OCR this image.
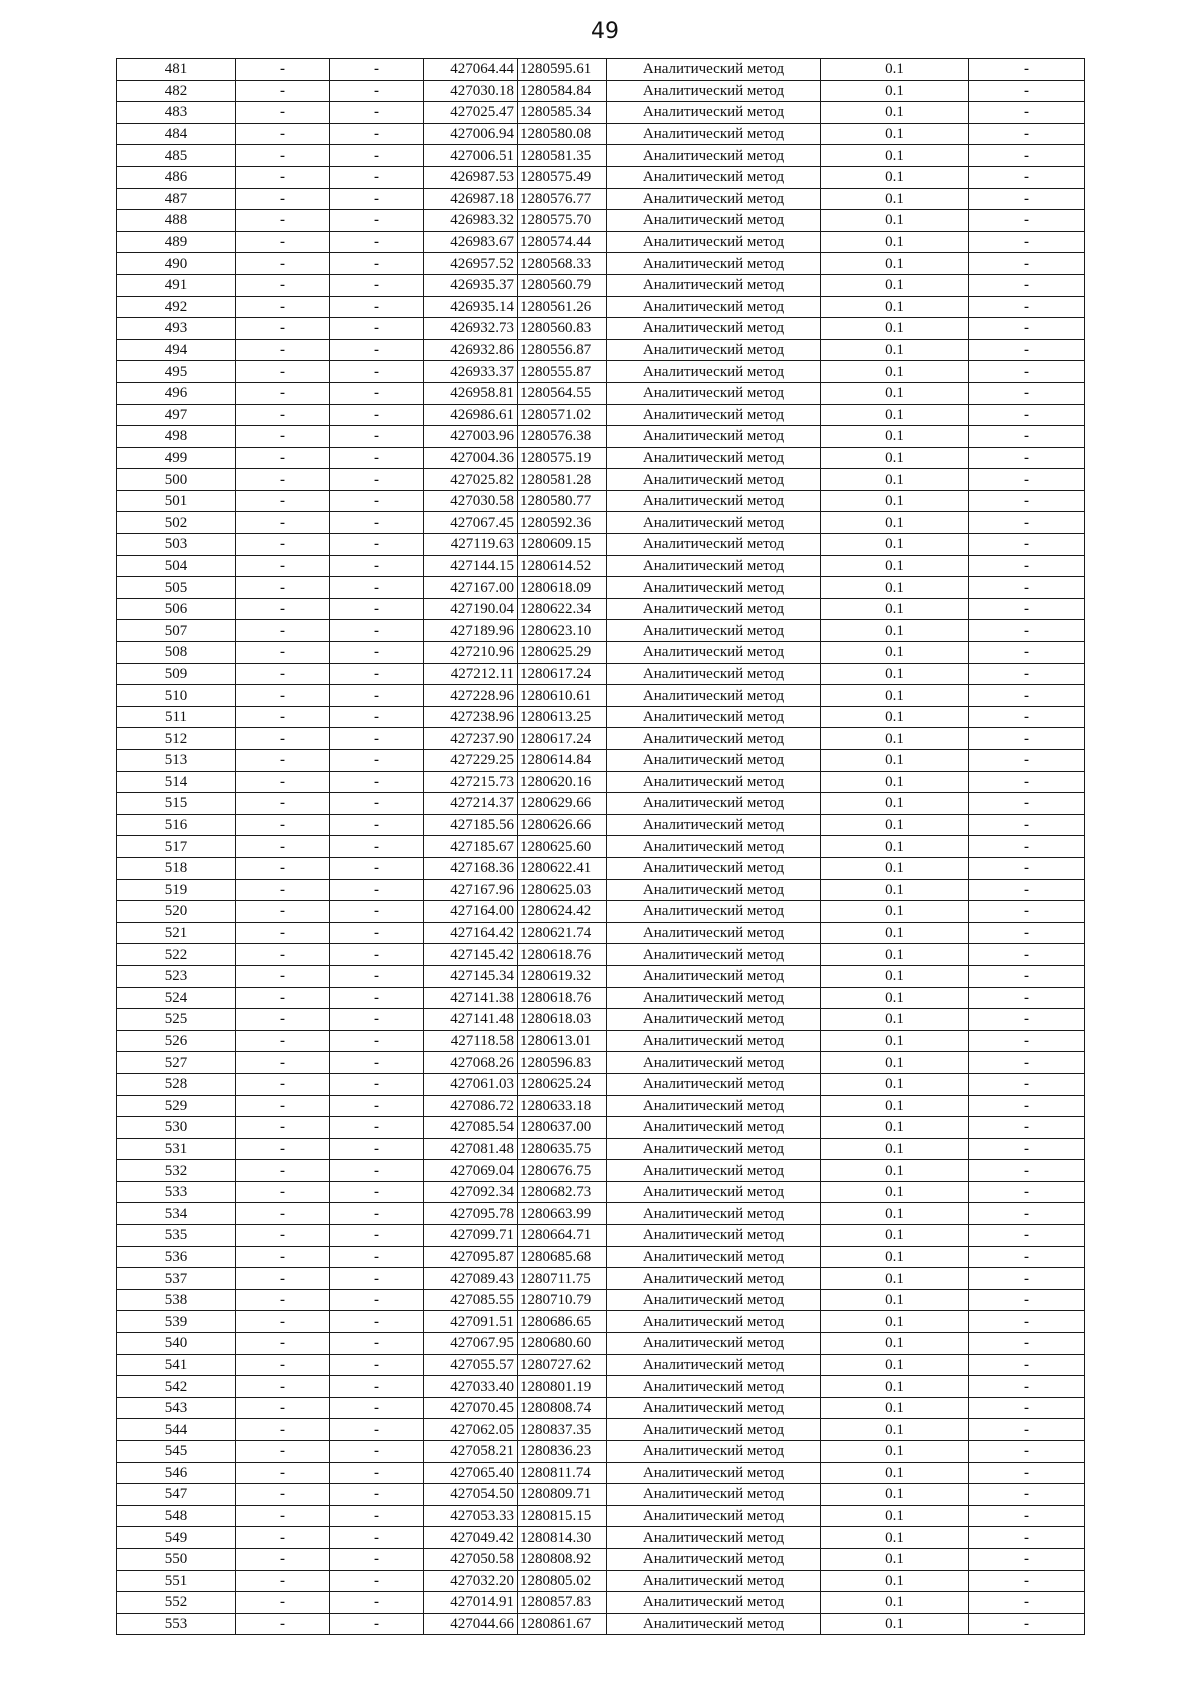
49
481	-	-	427064.44	1280595.61	Аналитический метод	0.1	-
482	-	-	427030.18	1280584.84	Аналитический метод	0.1	-
483	-	-	427025.47	1280585.34	Аналитический метод	0.1	-
484	-	-	427006.94	1280580.08	Аналитический метод	0.1	-
485	-	-	427006.51	1280581.35	Аналитический метод	0.1	-
486	-	-	426987.53	1280575.49	Аналитический метод	0.1	-
487	-	-	426987.18	1280576.77	Аналитический метод	0.1	-
488	-	-	426983.32	1280575.70	Аналитический метод	0.1	-
489	-	-	426983.67	1280574.44	Аналитический метод	0.1	-
490	-	-	426957.52	1280568.33	Аналитический метод	0.1	-
491	-	-	426935.37	1280560.79	Аналитический метод	0.1	-
492	-	-	426935.14	1280561.26	Аналитический метод	0.1	-
493	-	-	426932.73	1280560.83	Аналитический метод	0.1	-
494	-	-	426932.86	1280556.87	Аналитический метод	0.1	-
495	-	-	426933.37	1280555.87	Аналитический метод	0.1	-
496	-	-	426958.81	1280564.55	Аналитический метод	0.1	-
497	-	-	426986.61	1280571.02	Аналитический метод	0.1	-
498	-	-	427003.96	1280576.38	Аналитический метод	0.1	-
499	-	-	427004.36	1280575.19	Аналитический метод	0.1	-
500	-	-	427025.82	1280581.28	Аналитический метод	0.1	-
501	-	-	427030.58	1280580.77	Аналитический метод	0.1	-
502	-	-	427067.45	1280592.36	Аналитический метод	0.1	-
503	-	-	427119.63	1280609.15	Аналитический метод	0.1	-
504	-	-	427144.15	1280614.52	Аналитический метод	0.1	-
505	-	-	427167.00	1280618.09	Аналитический метод	0.1	-
506	-	-	427190.04	1280622.34	Аналитический метод	0.1	-
507	-	-	427189.96	1280623.10	Аналитический метод	0.1	-
508	-	-	427210.96	1280625.29	Аналитический метод	0.1	-
509	-	-	427212.11	1280617.24	Аналитический метод	0.1	-
510	-	-	427228.96	1280610.61	Аналитический метод	0.1	-
511	-	-	427238.96	1280613.25	Аналитический метод	0.1	-
512	-	-	427237.90	1280617.24	Аналитический метод	0.1	-
513	-	-	427229.25	1280614.84	Аналитический метод	0.1	-
514	-	-	427215.73	1280620.16	Аналитический метод	0.1	-
515	-	-	427214.37	1280629.66	Аналитический метод	0.1	-
516	-	-	427185.56	1280626.66	Аналитический метод	0.1	-
517	-	-	427185.67	1280625.60	Аналитический метод	0.1	-
518	-	-	427168.36	1280622.41	Аналитический метод	0.1	-
519	-	-	427167.96	1280625.03	Аналитический метод	0.1	-
520	-	-	427164.00	1280624.42	Аналитический метод	0.1	-
521	-	-	427164.42	1280621.74	Аналитический метод	0.1	-
522	-	-	427145.42	1280618.76	Аналитический метод	0.1	-
523	-	-	427145.34	1280619.32	Аналитический метод	0.1	-
524	-	-	427141.38	1280618.76	Аналитический метод	0.1	-
525	-	-	427141.48	1280618.03	Аналитический метод	0.1	-
526	-	-	427118.58	1280613.01	Аналитический метод	0.1	-
527	-	-	427068.26	1280596.83	Аналитический метод	0.1	-
528	-	-	427061.03	1280625.24	Аналитический метод	0.1	-
529	-	-	427086.72	1280633.18	Аналитический метод	0.1	-
530	-	-	427085.54	1280637.00	Аналитический метод	0.1	-
531	-	-	427081.48	1280635.75	Аналитический метод	0.1	-
532	-	-	427069.04	1280676.75	Аналитический метод	0.1	-
533	-	-	427092.34	1280682.73	Аналитический метод	0.1	-
534	-	-	427095.78	1280663.99	Аналитический метод	0.1	-
535	-	-	427099.71	1280664.71	Аналитический метод	0.1	-
536	-	-	427095.87	1280685.68	Аналитический метод	0.1	-
537	-	-	427089.43	1280711.75	Аналитический метод	0.1	-
538	-	-	427085.55	1280710.79	Аналитический метод	0.1	-
539	-	-	427091.51	1280686.65	Аналитический метод	0.1	-
540	-	-	427067.95	1280680.60	Аналитический метод	0.1	-
541	-	-	427055.57	1280727.62	Аналитический метод	0.1	-
542	-	-	427033.40	1280801.19	Аналитический метод	0.1	-
543	-	-	427070.45	1280808.74	Аналитический метод	0.1	-
544	-	-	427062.05	1280837.35	Аналитический метод	0.1	-
545	-	-	427058.21	1280836.23	Аналитический метод	0.1	-
546	-	-	427065.40	1280811.74	Аналитический метод	0.1	-
547	-	-	427054.50	1280809.71	Аналитический метод	0.1	-
548	-	-	427053.33	1280815.15	Аналитический метод	0.1	-
549	-	-	427049.42	1280814.30	Аналитический метод	0.1	-
550	-	-	427050.58	1280808.92	Аналитический метод	0.1	-
551	-	-	427032.20	1280805.02	Аналитический метод	0.1	-
552	-	-	427014.91	1280857.83	Аналитический метод	0.1	-
553	-	-	427044.66	1280861.67	Аналитический метод	0.1	-
